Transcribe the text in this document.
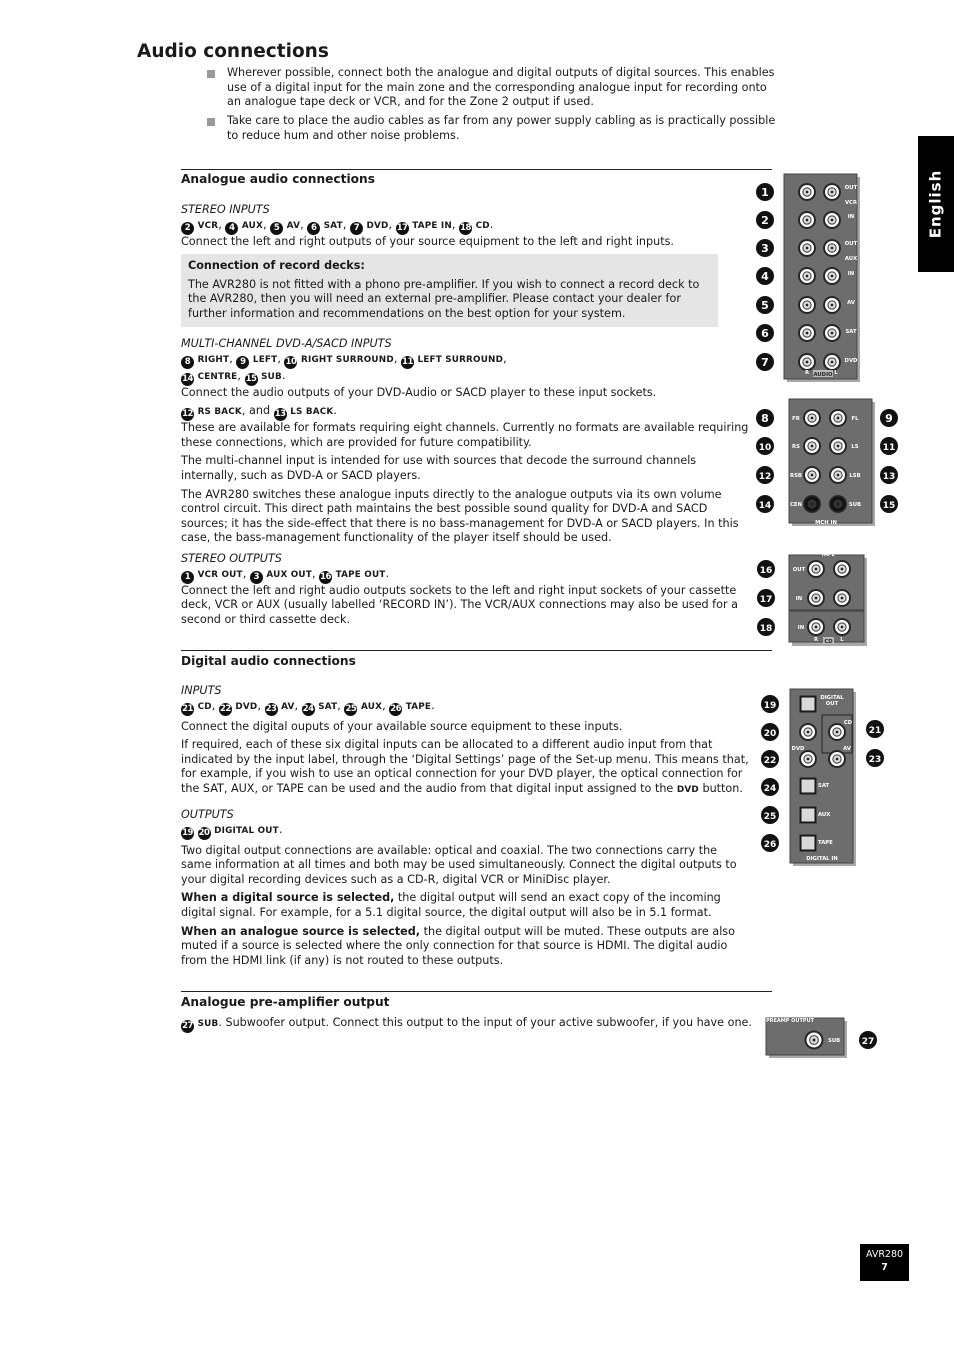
Audio connections
Wherever possible, connect both the analogue and digital outputs of digital sources. This enables use of a digital input for the main zone and the corresponding analogue input for recording onto an analogue tape deck or VCR, and for the Zone 2 output if used.
Take care to place the audio cables as far from any power supply cabling as is practically possible to reduce hum and other noise problems.
English
Analogue audio connections
STEREO INPUTS
2 VCR, 4 AUX, 5 AV, 6 SAT, 7 DVD, 17 TAPE IN, 18 CD.
Connect the left and right outputs of your source equipment to the left and right inputs.
Connection of record decks:
The AVR280 is not fitted with a phono pre-amplifier. If you wish to connect a record deck to the AVR280, then you will need an external pre-amplifier. Please contact your dealer for further information and recommendations on the best option for your system.
MULTI-CHANNEL DVD-A/SACD INPUTS
8 RIGHT, 9 LEFT, 10 RIGHT SURROUND, 11 LEFT SURROUND,
14 CENTRE, 15 SUB.
Connect the audio outputs of your DVD-Audio or SACD player to these input sockets.
12 RS BACK, and 13 LS BACK.
These are available for formats requiring eight channels. Currently no formats are available requiring these connections, which are provided for future compatibility.
The multi-channel input is intended for use with sources that decode the surround channels internally, such as DVD-A or SACD players.
The AVR280 switches these analogue inputs directly to the analogue outputs via its own volume control circuit. This direct path maintains the best possible sound quality for DVD-A and SACD sources; it has the side-effect that there is no bass-management for DVD-A or SACD players. In this case, the bass-management functionality of the player itself should be used.
STEREO OUTPUTS
1 VCR OUT, 3 AUX OUT, 16 TAPE OUT.
Connect the left and right audio outputs sockets to the left and right input sockets of your cassette deck, VCR or AUX (usually labelled ‘RECORD IN’). The VCR/AUX connections may also be used for a second or third cassette deck.
Digital audio connections
INPUTS
21 CD, 22 DVD, 23 AV, 24 SAT, 25 AUX, 26 TAPE.
Connect the digital ouputs of your available source equipment to these inputs.
If required, each of these six digital inputs can be allocated to a different audio input from that indicated by the input label, through the ‘Digital Settings’ page of the Set-up menu. This means that, for example, if you wish to use an optical connection for your DVD player, the optical connection for the SAT, AUX, or TAPE can be used and the audio from that digital input assigned to the DVD button.
OUTPUTS
19 20 DIGITAL OUT.
Two digital output connections are available: optical and coaxial. The two connections carry the same information at all times and both may be used simultaneously. Connect the digital outputs to your digital recording devices such as a CD-R, digital VCR or MiniDisc player.
When a digital source is selected, the digital output will send an exact copy of the incoming digital signal. For example, for a 5.1 digital source, the digital output will also be in 5.1 format.
When an analogue source is selected, the digital output will be muted. These outputs are also muted if a source is selected where the only connection for that source is HDMI. The digital audio from the HDMI link (if any) is not routed to these outputs.
Analogue pre-amplifier output
27 SUB. Subwoofer output. Connect this output to the input of your active subwoofer, if you have one.
1
2
3
4
5
6
7
OUT
VCR
IN
OUT
AUX
IN
AV
SAT
DVD
R AUDIO L
8	9
10	11
12	13
14	15
FR	FL
RS	LS
RSB	LSB
CEN	SUB
MCH IN
16
17
18
TAPE
OUT
IN
IN
R CD L
19
20
22
24
25
26
21
23
DIGITAL
OUT
CD
DVD	AV
SAT
AUX
TAPE
DIGITAL IN
27
PREAMP OUTPUT
SUB
AVR280
7
